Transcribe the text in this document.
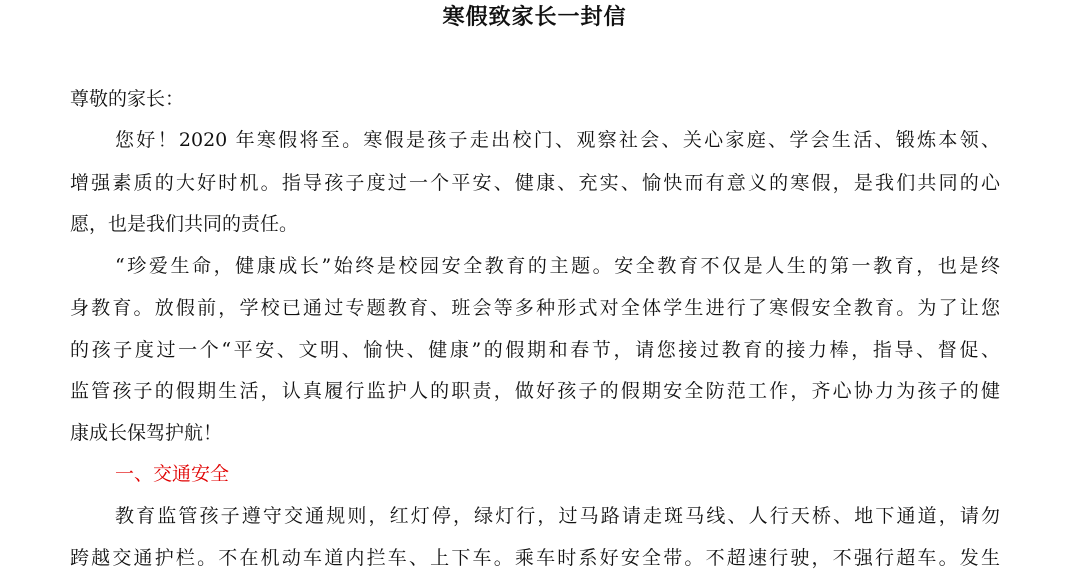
寒假致家长一封信
尊敬的家长：
您好！2020 年寒假将至。寒假是孩子走出校门、观察社会、关心家庭、学会生活、锻炼本领、
增强素质的大好时机。指导孩子度过一个平安、健康、充实、愉快而有意义的寒假，是我们共同的心
愿，也是我们共同的责任。
“珍爱生命，健康成长”始终是校园安全教育的主题。安全教育不仅是人生的第一教育，也是终
身教育。放假前，学校已通过专题教育、班会等多种形式对全体学生进行了寒假安全教育。为了让您
的孩子度过一个“平安、文明、愉快、健康”的假期和春节，请您接过教育的接力棒，指导、督促、
监管孩子的假期生活，认真履行监护人的职责，做好孩子的假期安全防范工作，齐心协力为孩子的健
康成长保驾护航！
一、交通安全
教育监管孩子遵守交通规则，红灯停，绿灯行，过马路请走斑马线、人行天桥、地下通道，请勿
跨越交通护栏。不在机动车道内拦车、上下车。乘车时系好安全带。不超速行驶，不强行超车。发生
